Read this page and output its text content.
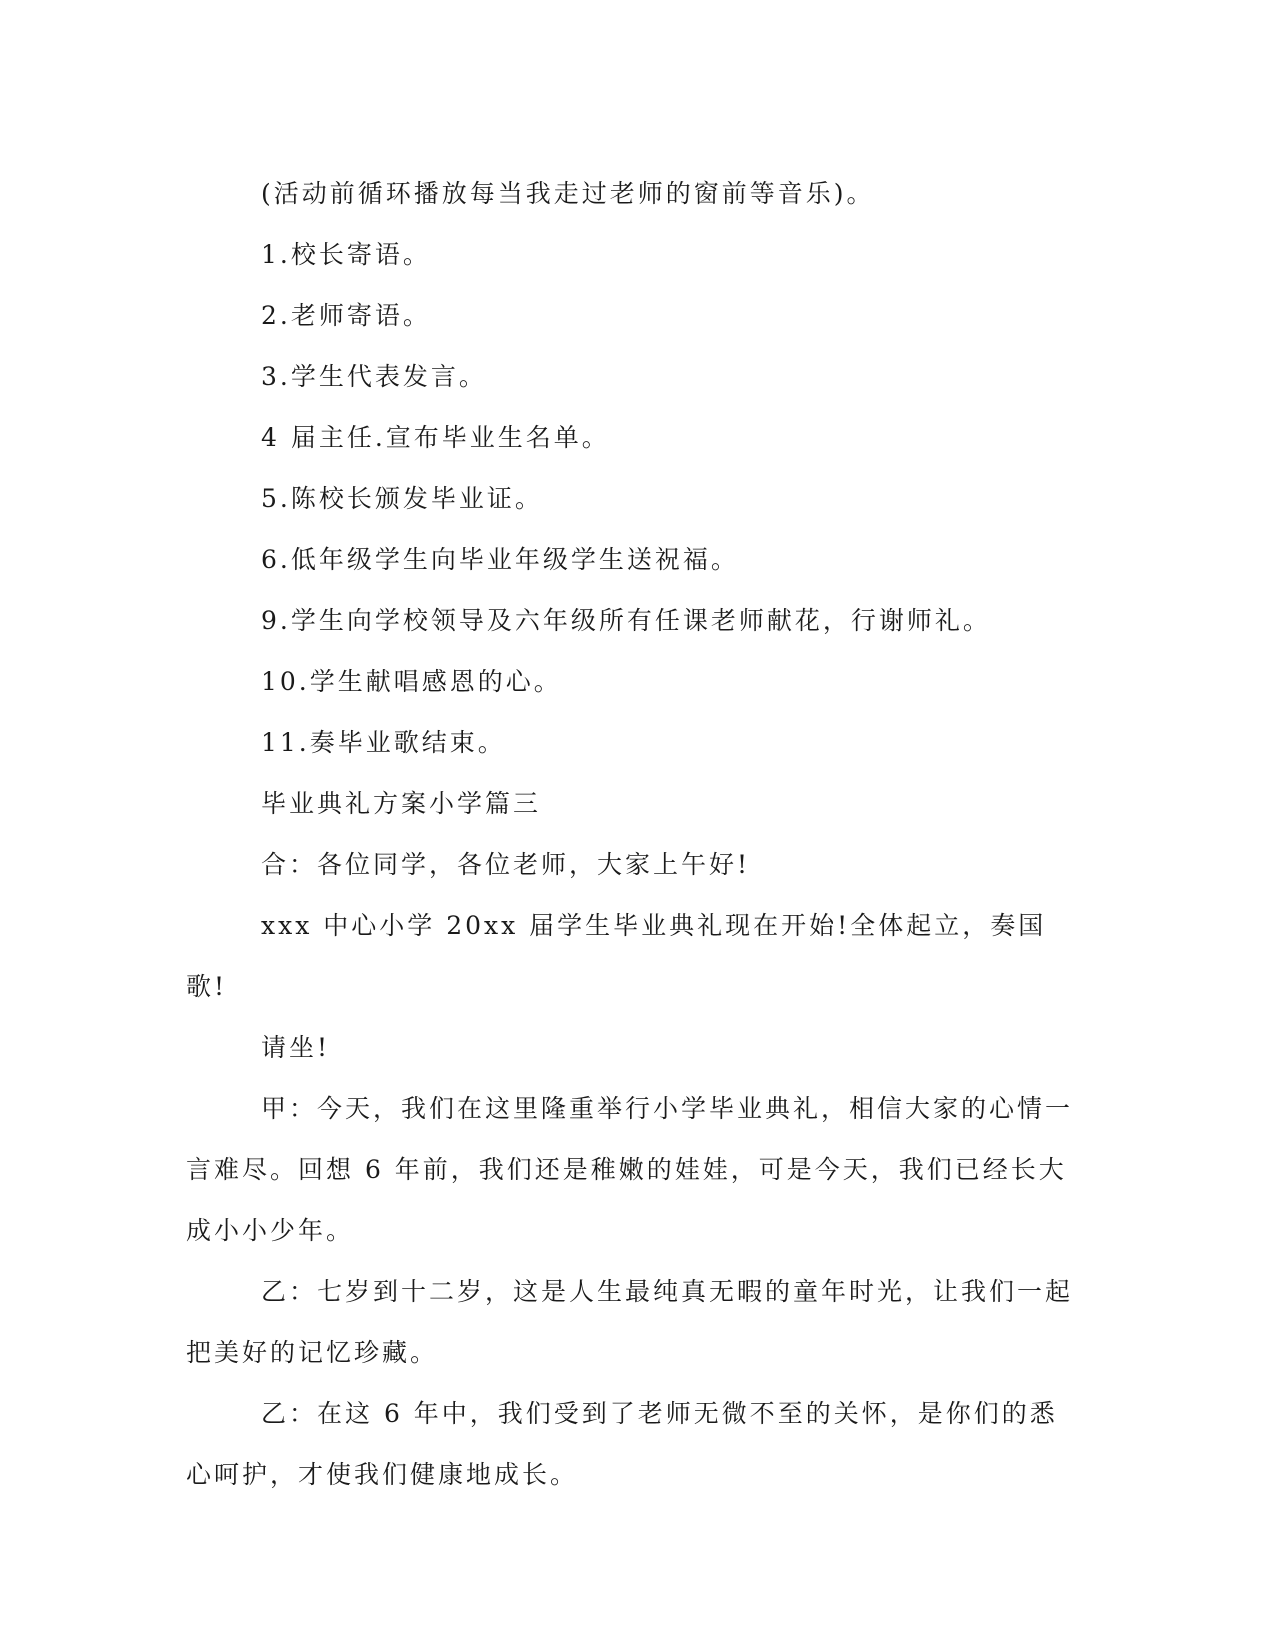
(活动前循环播放每当我走过老师的窗前等音乐)。

1.校长寄语。

2.老师寄语。

3.学生代表发言。

4 届主任.宣布毕业生名单。

5.陈校长颁发毕业证。

6.低年级学生向毕业年级学生送祝福。

9.学生向学校领导及六年级所有任课老师献花，行谢师礼。

10.学生献唱感恩的心。

11.奏毕业歌结束。

毕业典礼方案小学篇三

合：各位同学，各位老师，大家上午好!

xxx 中心小学 20xx 届学生毕业典礼现在开始!全体起立，奏国歌!

请坐!

甲：今天，我们在这里隆重举行小学毕业典礼，相信大家的心情一言难尽。回想 6 年前，我们还是稚嫩的娃娃，可是今天，我们已经长大成小小少年。

乙：七岁到十二岁，这是人生最纯真无暇的童年时光，让我们一起把美好的记忆珍藏。

乙：在这 6 年中，我们受到了老师无微不至的关怀，是你们的悉心呵护，才使我们健康地成长。
